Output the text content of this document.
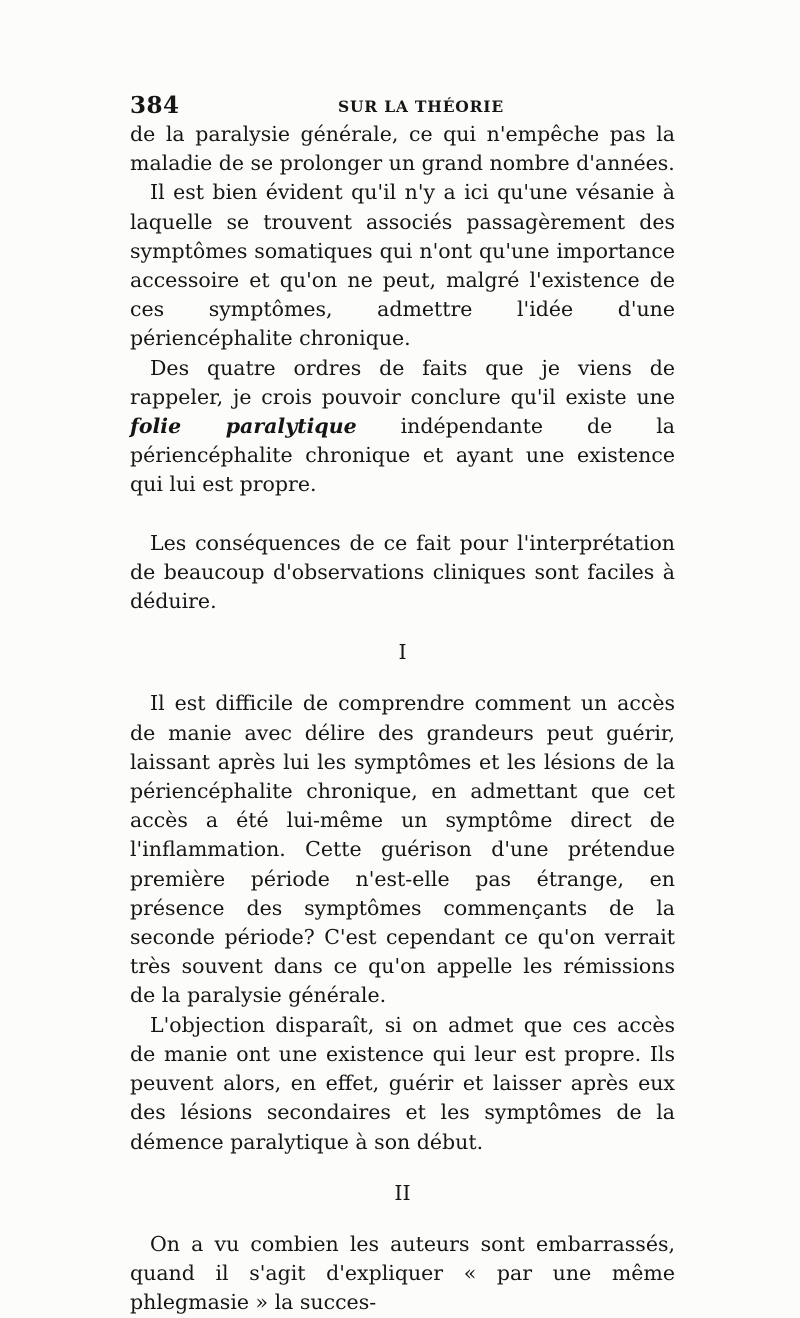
384	SUR LA THÉORIE

de la paralysie générale, ce qui n'empêche pas la maladie de se prolonger un grand nombre d'années.

Il est bien évident qu'il n'y a ici qu'une vésanie à laquelle se trouvent associés passagèrement des symptômes somatiques qui n'ont qu'une importance accessoire et qu'on ne peut, malgré l'existence de ces symptômes, admettre l'idée d'une périencéphalite chronique.

Des quatre ordres de faits que je viens de rappeler, je crois pouvoir conclure qu'il existe une folie paralytique indépendante de la périencéphalite chronique et ayant une existence qui lui est propre.

Les conséquences de ce fait pour l'interprétation de beaucoup d'observations cliniques sont faciles à déduire.

I

Il est difficile de comprendre comment un accès de manie avec délire des grandeurs peut guérir, laissant après lui les symptômes et les lésions de la périencéphalite chronique, en admettant que cet accès a été lui-même un symptôme direct de l'inflammation. Cette guérison d'une prétendue première période n'est-elle pas étrange, en présence des symptômes commençants de la seconde période? C'est cependant ce qu'on verrait très souvent dans ce qu'on appelle les rémissions de la paralysie générale.

L'objection disparaît, si on admet que ces accès de manie ont une existence qui leur est propre. Ils peuvent alors, en effet, guérir et laisser après eux des lésions secondaires et les symptômes de la démence paralytique à son début.

II

On a vu combien les auteurs sont embarrassés, quand il s'agit d'expliquer « par une même phlegmasie » la succes-
